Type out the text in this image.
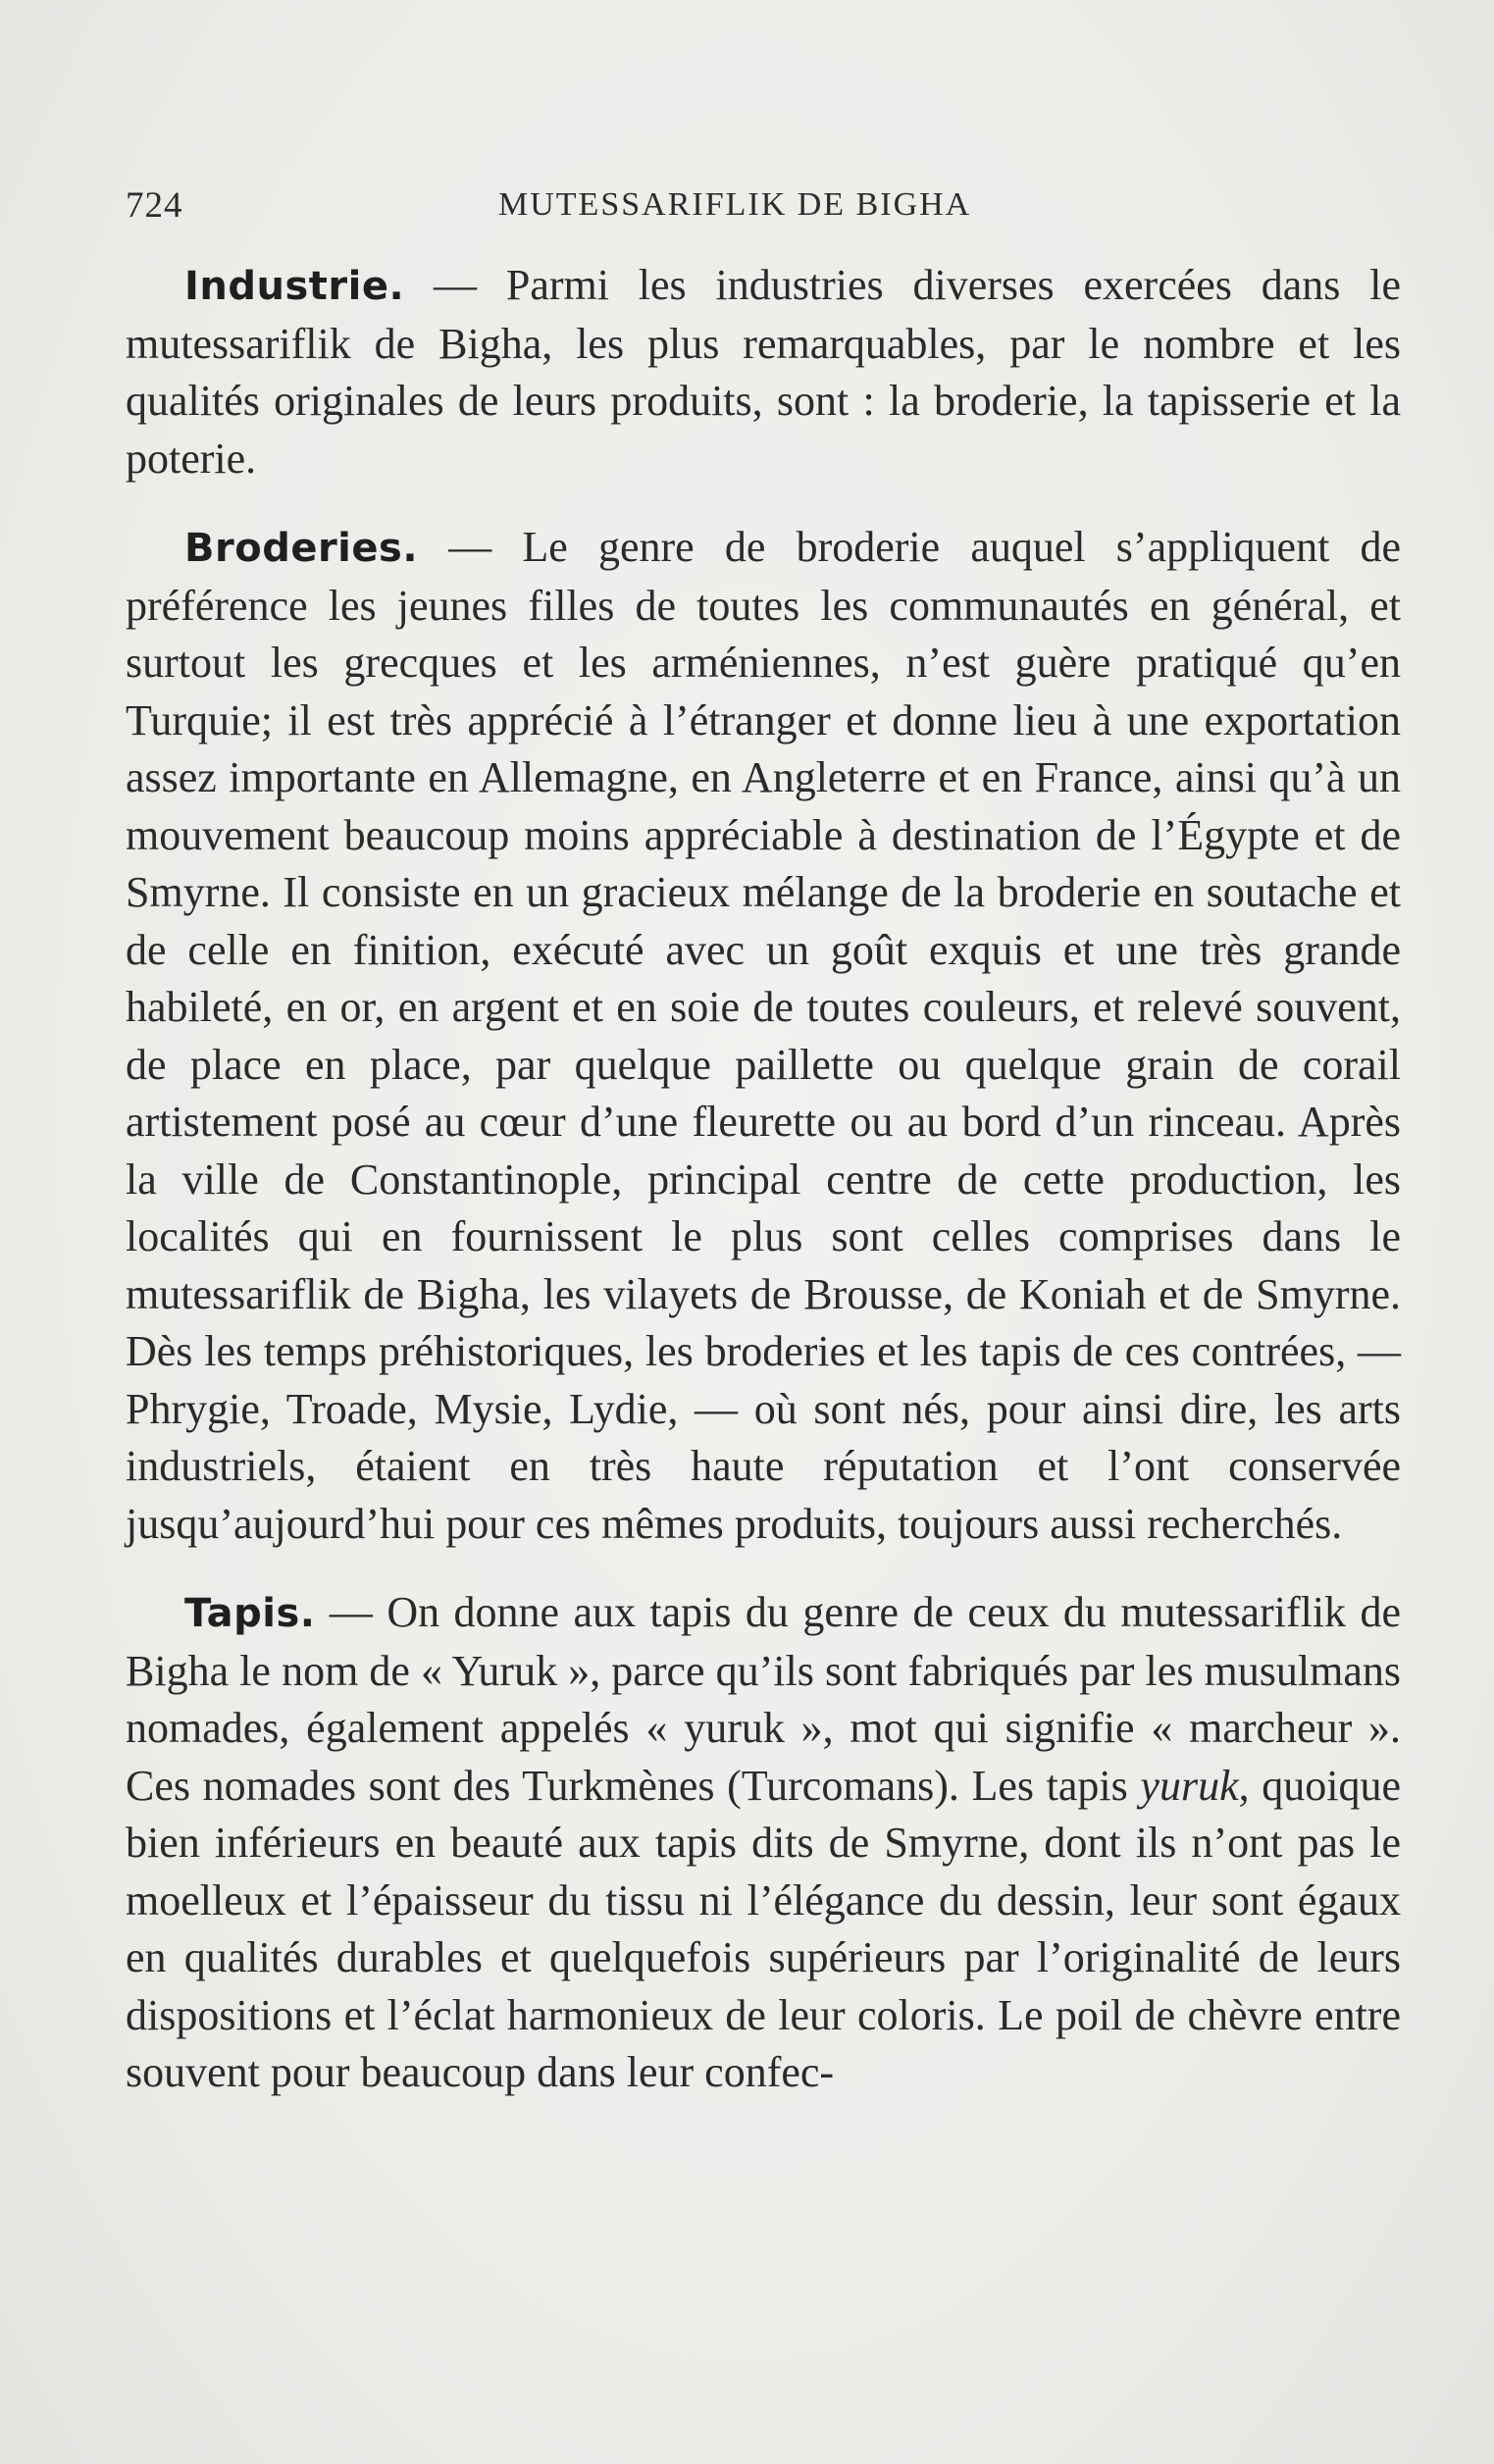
724	MUTESSARIFLIK DE BIGHA

Industrie. — Parmi les industries diverses exercées dans le mutessariflik de Bigha, les plus remarquables, par le nombre et les qualités originales de leurs produits, sont : la broderie, la tapisserie et la poterie.

Broderies. — Le genre de broderie auquel s’appliquent de préférence les jeunes filles de toutes les communautés en général, et surtout les grecques et les arméniennes, n’est guère pratiqué qu’en Turquie; il est très apprécié à l’étranger et donne lieu à une exportation assez importante en Allemagne, en Angleterre et en France, ainsi qu’à un mouvement beaucoup moins appréciable à destination de l’Égypte et de Smyrne. Il consiste en un gracieux mélange de la broderie en soutache et de celle en finition, exécuté avec un goût exquis et une très grande habileté, en or, en argent et en soie de toutes couleurs, et relevé souvent, de place en place, par quelque paillette ou quelque grain de corail artistement posé au cœur d’une fleurette ou au bord d’un rinceau. Après la ville de Constantinople, principal centre de cette production, les localités qui en fournissent le plus sont celles comprises dans le mutessariflik de Bigha, les vilayets de Brousse, de Koniah et de Smyrne. Dès les temps préhistoriques, les broderies et les tapis de ces contrées, — Phrygie, Troade, Mysie, Lydie, — où sont nés, pour ainsi dire, les arts industriels, étaient en très haute réputation et l’ont conservée jusqu’aujourd’hui pour ces mêmes produits, toujours aussi recherchés.

Tapis. — On donne aux tapis du genre de ceux du mutessariflik de Bigha le nom de « Yuruk », parce qu’ils sont fabriqués par les musulmans nomades, également appelés « yuruk », mot qui signifie « marcheur ». Ces nomades sont des Turkmènes (Turcomans). Les tapis yuruk, quoique bien inférieurs en beauté aux tapis dits de Smyrne, dont ils n’ont pas le moelleux et l’épaisseur du tissu ni l’élégance du dessin, leur sont égaux en qualités durables et quelquefois supérieurs par l’originalité de leurs dispositions et l’éclat harmonieux de leur coloris. Le poil de chèvre entre souvent pour beaucoup dans leur confec-
